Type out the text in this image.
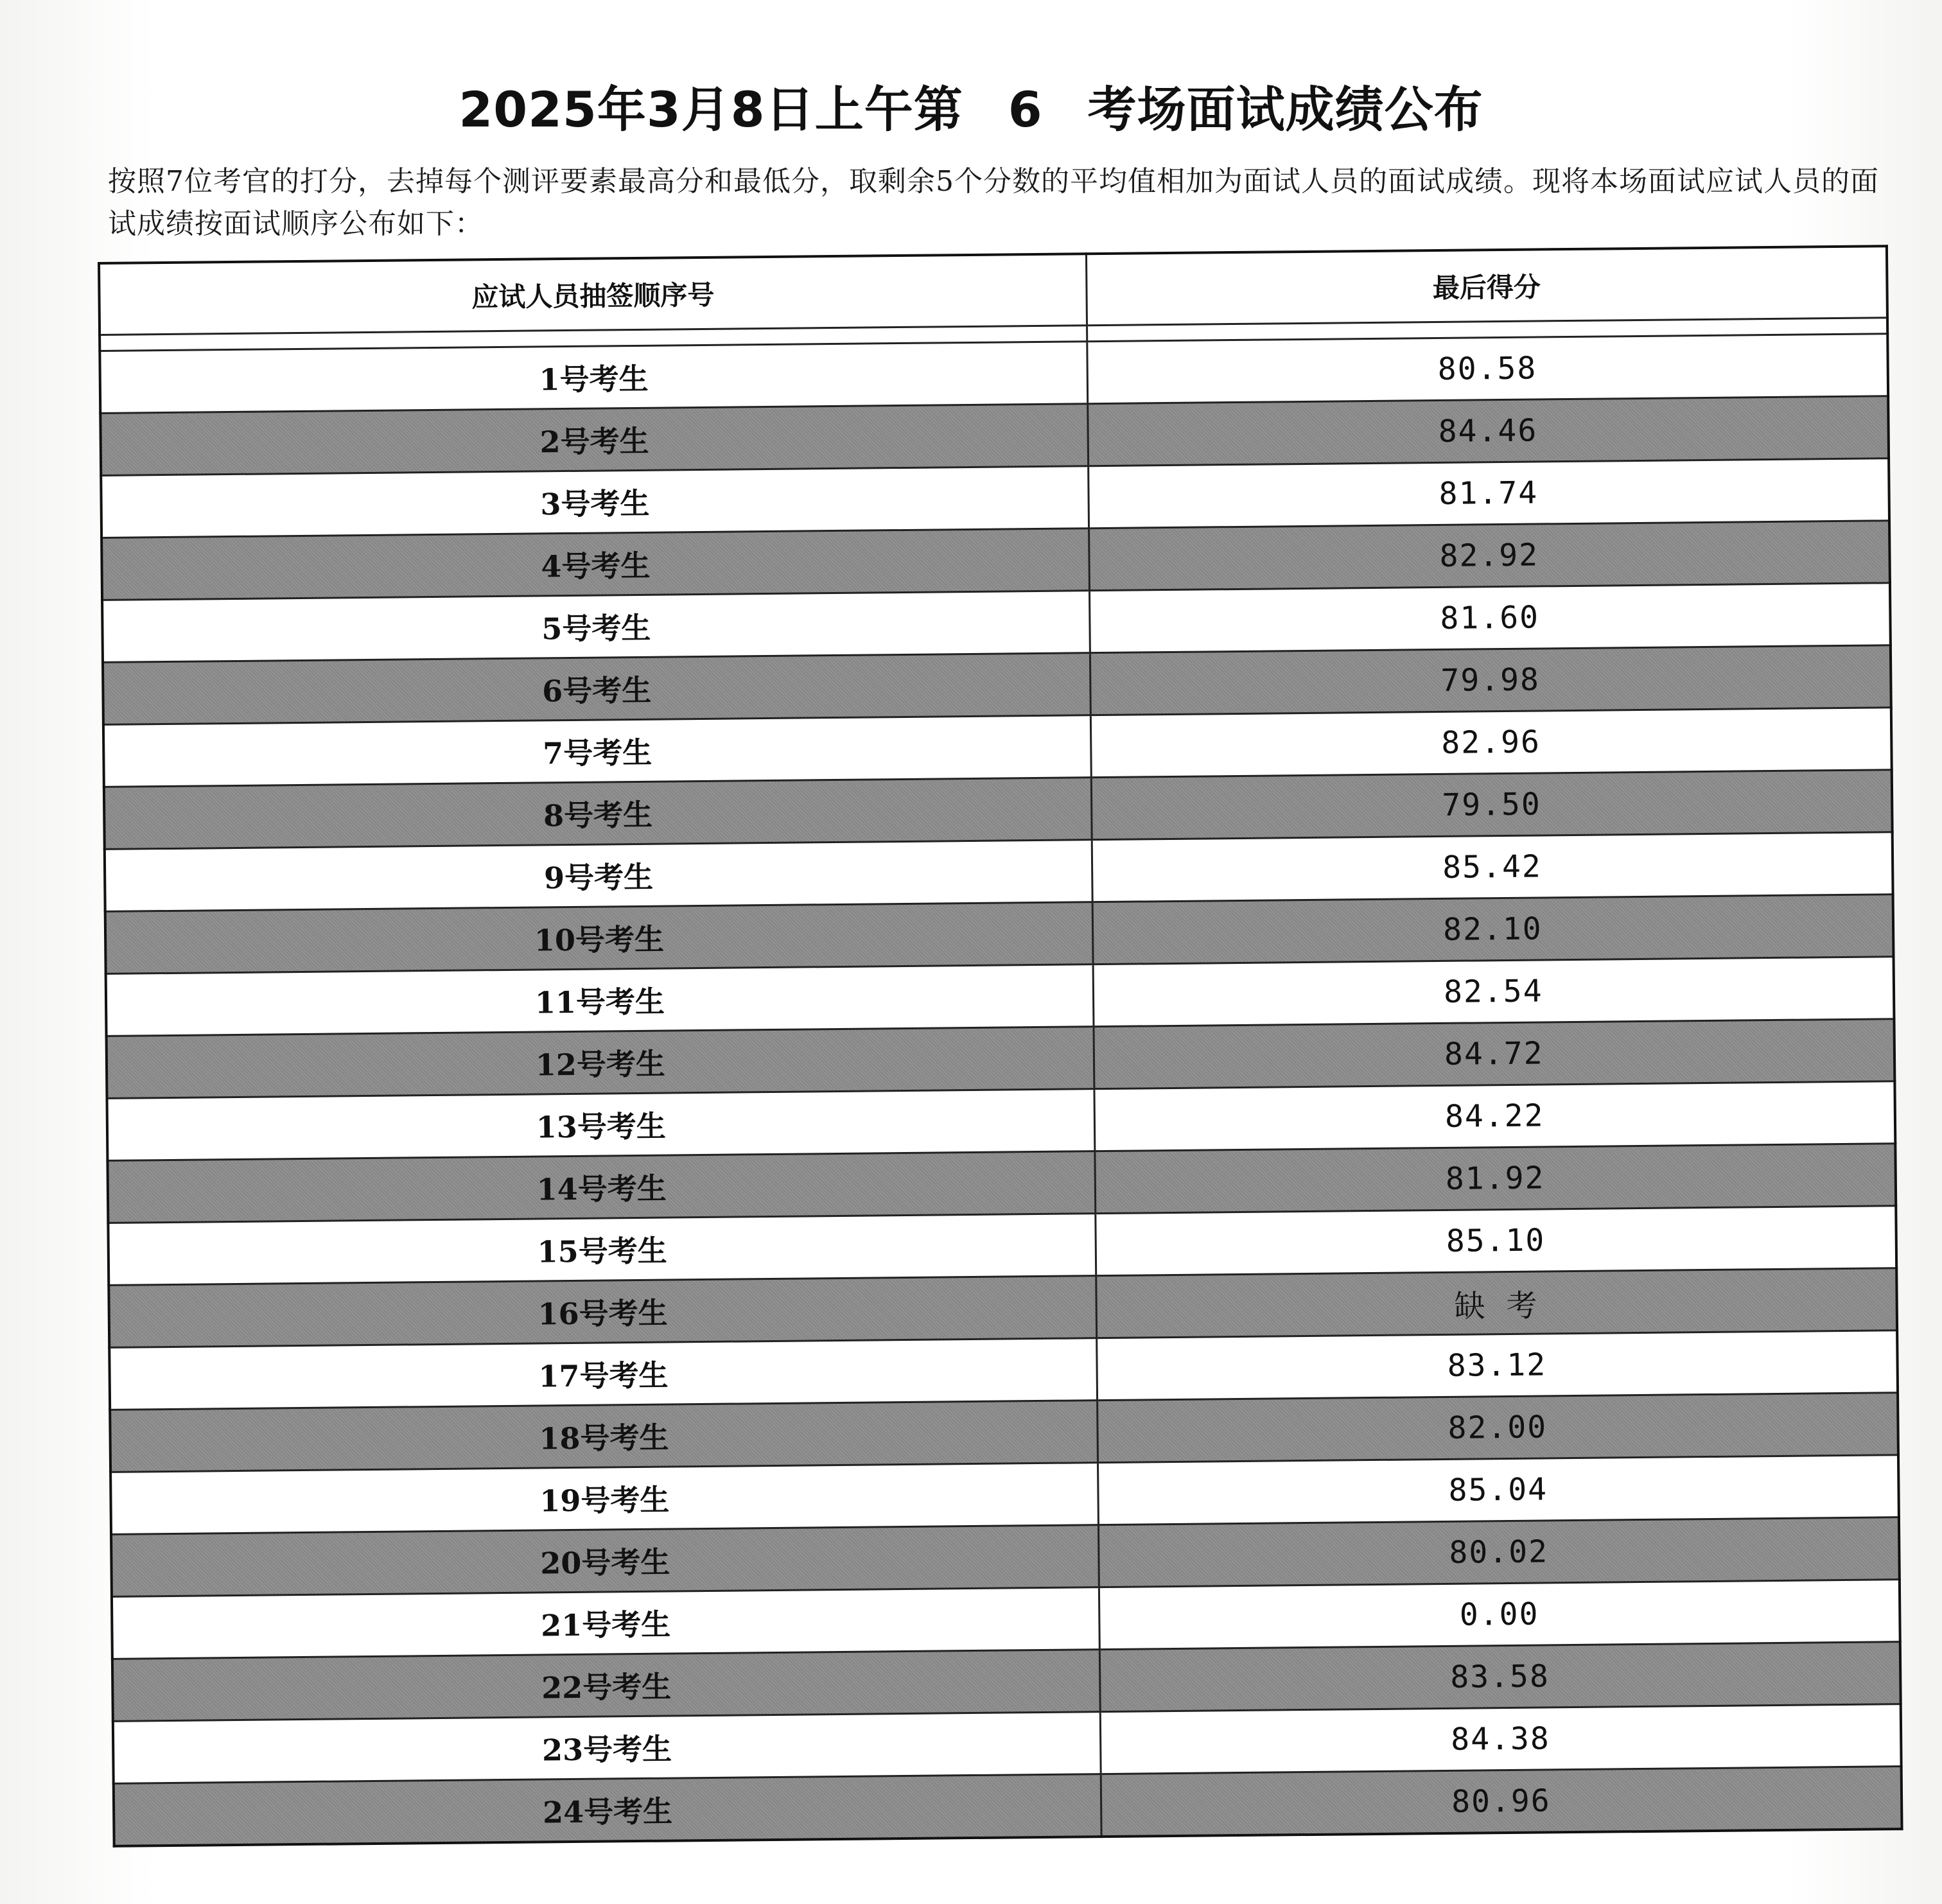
2025年3月8日上午第 6 考场面试成绩公布
按照7位考官的打分，去掉每个测评要素最高分和最低分，取剩余5个分数的平均值相加为面试人员的面试成绩。现将本场面试应试人员的面试成绩按面试顺序公布如下：
应试人员抽签顺序号	最后得分

1号考生	80.58
2号考生	84.46
3号考生	81.74
4号考生	82.92
5号考生	81.60
6号考生	79.98
7号考生	82.96
8号考生	79.50
9号考生	85.42
10号考生	82.10
11号考生	82.54
12号考生	84.72
13号考生	84.22
14号考生	81.92
15号考生	85.10
16号考生	缺 考
17号考生	83.12
18号考生	82.00
19号考生	85.04
20号考生	80.02
21号考生	0.00
22号考生	83.58
23号考生	84.38
24号考生	80.96
